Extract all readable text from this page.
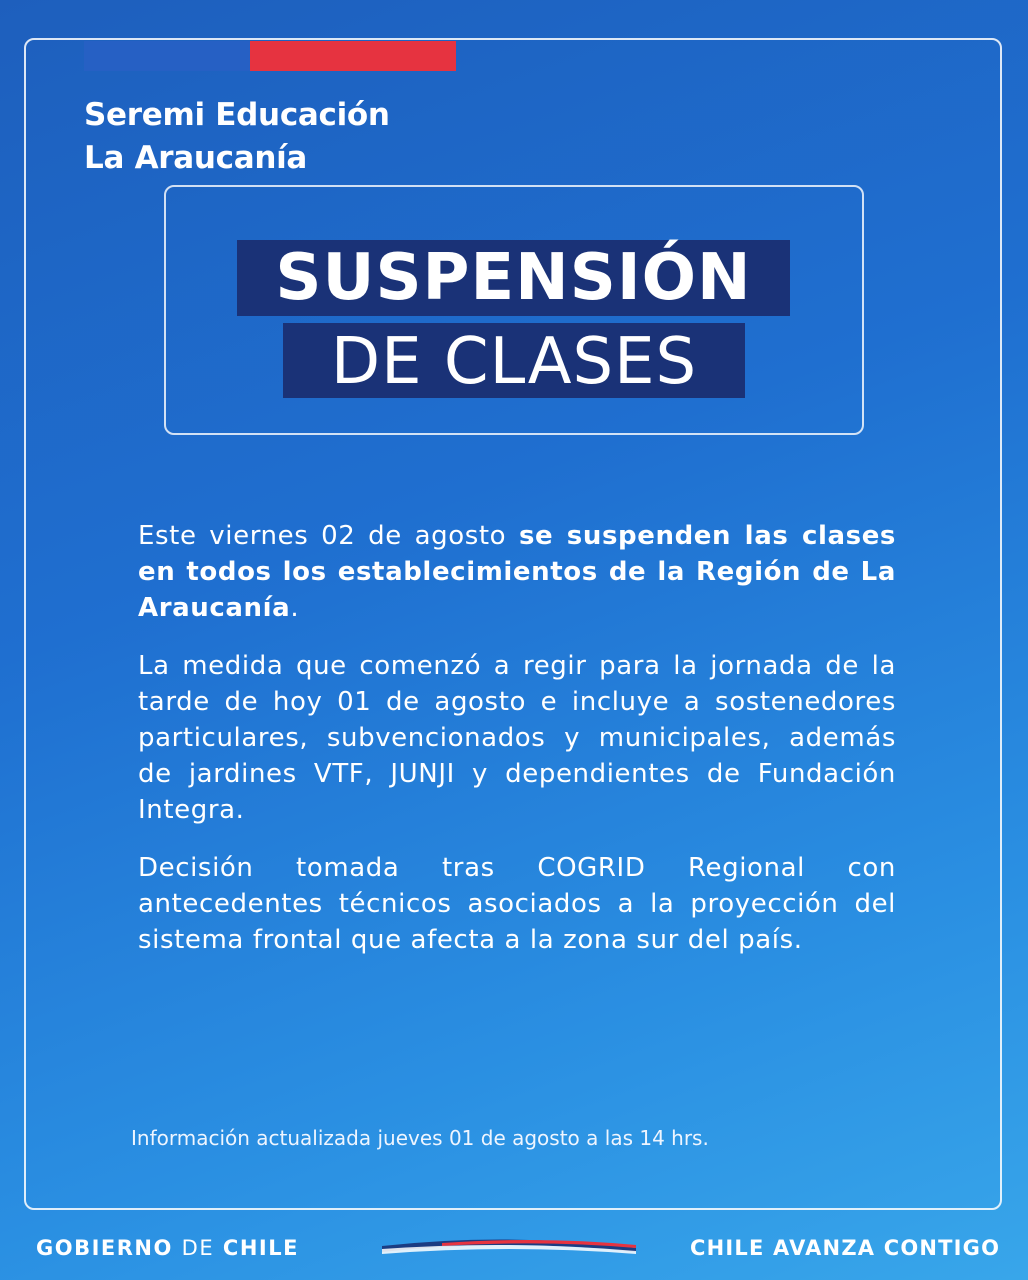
Seremi Educación
La Araucanía
SUSPENSIÓN
DE CLASES

Este viernes 02 de agosto se suspenden las clases en todos los establecimientos de la Región de La Araucanía.

La medida que comenzó a regir para la jornada de la tarde de hoy 01 de agosto e incluye a sostenedores particulares, subvencionados y municipales, además de jardines VTF, JUNJI y dependientes de Fundación Integra.

Decisión tomada tras COGRID Regional con antecedentes técnicos asociados a la proyección del sistema frontal que afecta a la zona sur del país.

Información actualizada jueves 01 de agosto a las 14 hrs.
GOBIERNO DE CHILE	CHILE AVANZA CONTIGO
